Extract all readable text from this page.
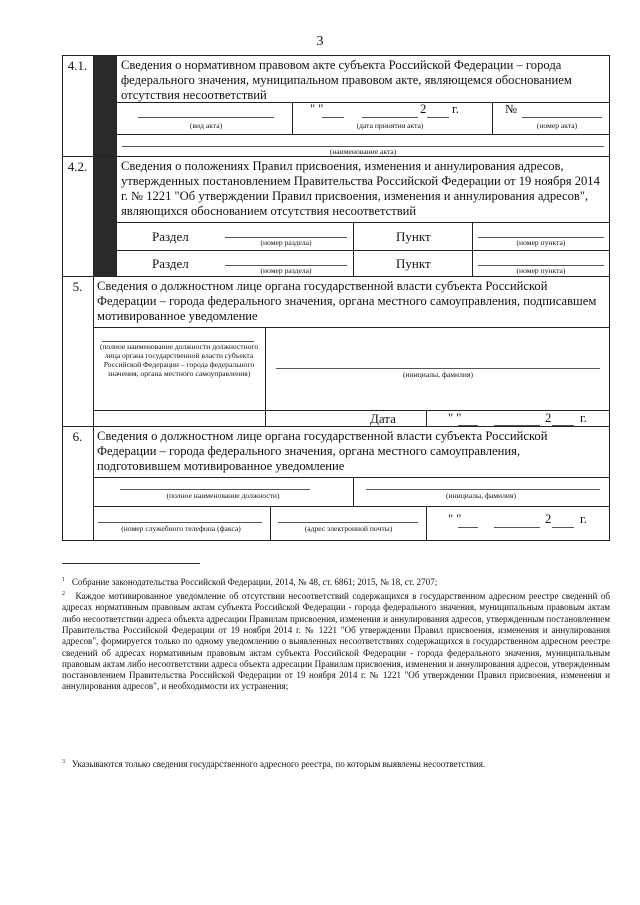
3
4.1.	Сведения о нормативном правовом акте субъекта Российской Федерации – города федерального значения, муниципальном правовом акте, являющемся обоснованием отсутствия несоответствий
(вид акта)
" "	2 г.
(дата принятия акта)
№
(номер акта)
(наименование акта)
4.2.	Сведения о положениях Правил присвоения, изменения и аннулирования адресов, утвержденных постановлением Правительства Российской Федерации от 19 ноября 2014 г. № 1221 "Об утверждении Правил присвоения, изменения и аннулирования адресов", являющихся обоснованием отсутствия несоответствий
Раздел	(номер раздела)	Пункт	(номер пункта)
Раздел	(номер раздела)	Пункт	(номер пункта)
5.	Сведения о должностном лице органа государственной власти субъекта Российской Федерации – города федерального значения, органа местного самоуправления, подписавшем мотивированное уведомление
(полное наименование должности должностного лица органа государственной власти субъекта Российской Федерации – города федерального значения, органа местного самоуправления)	(инициалы, фамилия)
Дата	" "	2 г.
6.	Сведения о должностном лице органа государственной власти субъекта Российской Федерации – города федерального значения, органа местного самоуправления, подготовившем мотивированное уведомление
(полное наименование должности)	(инициалы, фамилия)
(номер служебного телефона (факса)	(адрес электронной почты)
" "	2 г.
$^1$ Собрание законодательства Российской Федерации, 2014, № 48, ст. 6861; 2015, № 18, ст. 2707;
$^2$ Каждое мотивированное уведомление об отсутствии несоответствий содержащихся в государственном адресном реестре сведений об адресах нормативным правовым актам субъекта Российской Федерации - города федерального значения, муниципальным правовым актам либо несоответствии адреса объекта адресации Правилам присвоения, изменения и аннулирования адресов, утвержденным постановлением Правительства Российской Федерации от 19 ноября 2014 г. № 1221 "Об утверждении Правил присвоения, изменения и аннулирования адресов", формируется только по одному уведомлению о выявленных несоответствиях содержащихся в государственном адресном реестре сведений об адресах нормативным правовым актам субъекта Российской Федерации - города федерального значения, муниципальным правовым актам либо несоответствии адреса объекта адресации Правилам присвоения, изменения и аннулирования адресов, утвержденным постановлением Правительства Российской Федерации от 19 ноября 2014 г. № 1221 "Об утверждении Правил присвоения, изменения и аннулирования адресов", и необходимости их устранения;
$^3$ Указываются только сведения государственного адресного реестра, по которым выявлены несоответствия.
